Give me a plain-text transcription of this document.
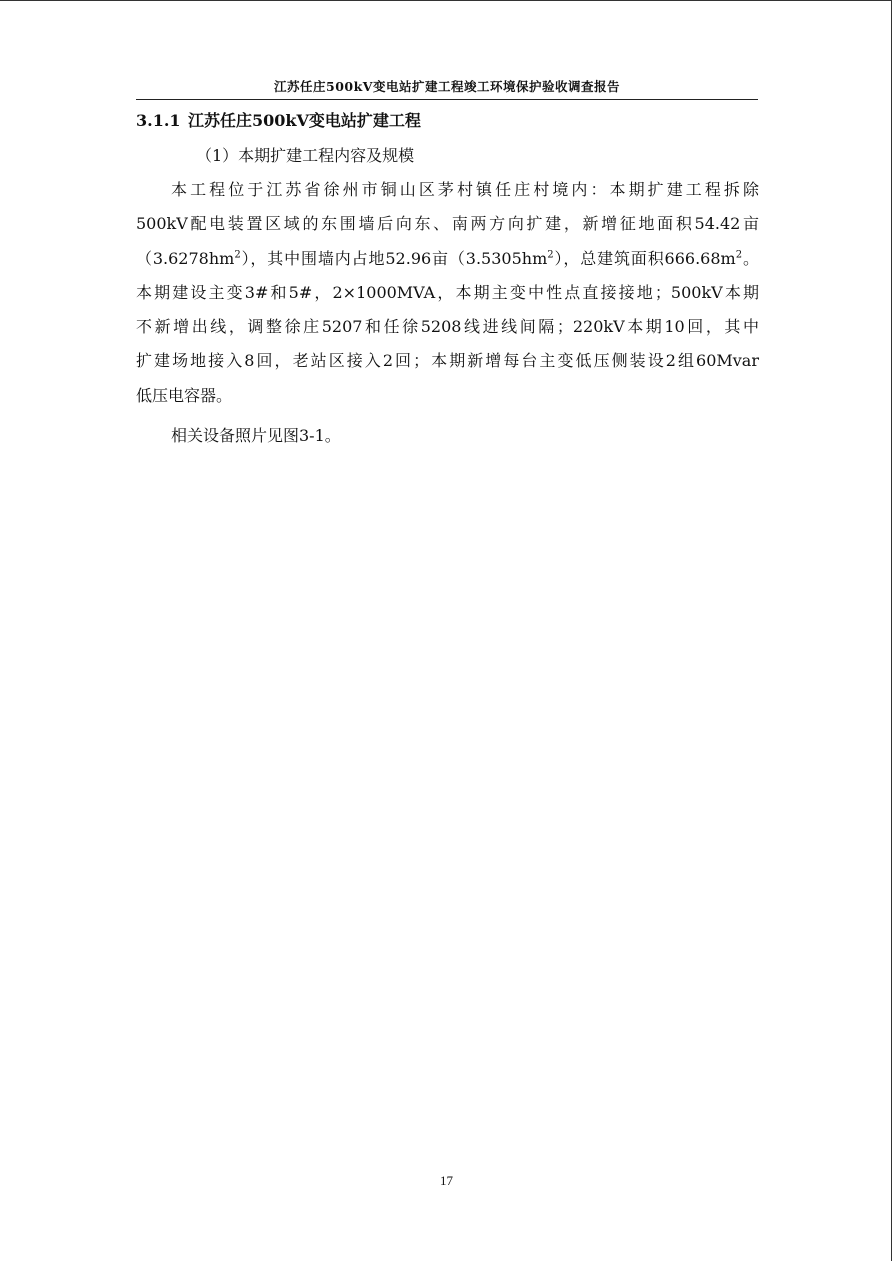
江苏任庄500kV变电站扩建工程竣工环境保护验收调查报告
3.1.1 江苏任庄500kV变电站扩建工程
（1）本期扩建工程内容及规模
本工程位于江苏省徐州市铜山区茅村镇任庄村境内：本期扩建工程拆除
500kV配电装置区域的东围墙后向东、南两方向扩建，新增征地面积54.42亩
$(3.6278hm^2)$，其中围墙内占地52.96亩$(3.5305hm^2)$，总建筑面积$666.68m^2$。
本期建设主变3#和5#，2×1000MVA，本期主变中性点直接接地；500kV本期
不新增出线，调整徐庄5207和任徐5208线进线间隔；220kV本期10回，其中
扩建场地接入8回，老站区接入2回；本期新增每台主变低压侧装设2组60Mvar
低压电容器。
相关设备照片见图3-1。
17
